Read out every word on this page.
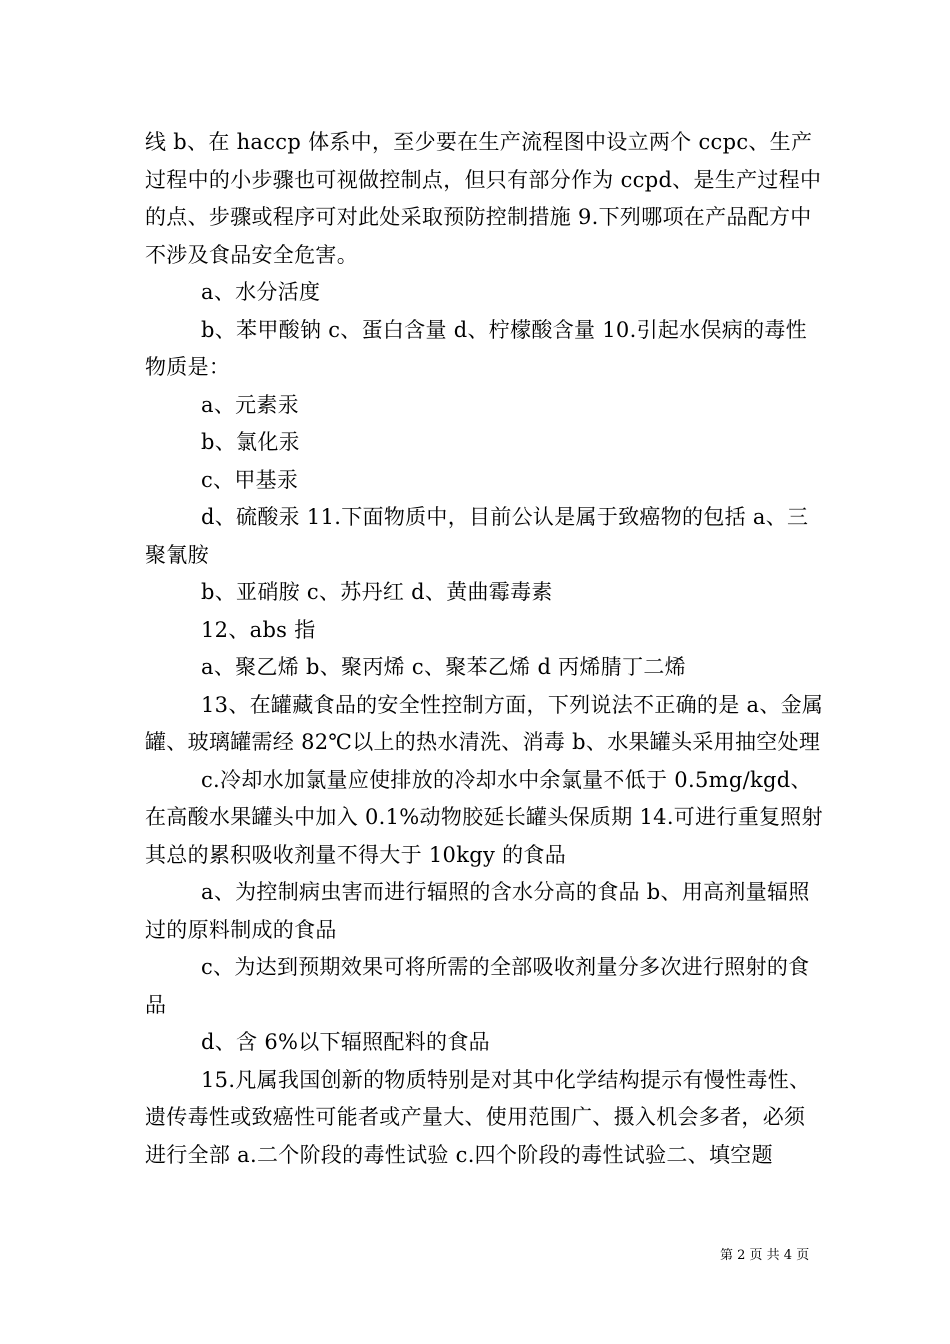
线 b、在 haccp 体系中，至少要在生产流程图中设立两个 ccpc、生产过程中的小步骤也可视做控制点，但只有部分作为 ccpd、是生产过程中的点、步骤或程序可对此处采取预防控制措施 9.下列哪项在产品配方中不涉及食品安全危害。

a、水分活度

b、苯甲酸钠 c、蛋白含量 d、柠檬酸含量 10.引起水俣病的毒性物质是：

a、元素汞

b、氯化汞

c、甲基汞

d、硫酸汞 11.下面物质中，目前公认是属于致癌物的包括 a、三聚氰胺

b、亚硝胺 c、苏丹红 d、黄曲霉毒素

12、abs 指

a、聚乙烯 b、聚丙烯 c、聚苯乙烯 d 丙烯腈丁二烯

13、在罐藏食品的安全性控制方面，下列说法不正确的是 a、金属罐、玻璃罐需经 82℃以上的热水清洗、消毒 b、水果罐头采用抽空处理

c.冷却水加氯量应使排放的冷却水中余氯量不低于 0.5mg/kgd、在高酸水果罐头中加入 0.1%动物胶延长罐头保质期 14.可进行重复照射其总的累积吸收剂量不得大于 10kgy 的食品

a、为控制病虫害而进行辐照的含水分高的食品 b、用高剂量辐照过的原料制成的食品

c、为达到预期效果可将所需的全部吸收剂量分多次进行照射的食品

d、含 6%以下辐照配料的食品

15.凡属我国创新的物质特别是对其中化学结构提示有慢性毒性、遗传毒性或致癌性可能者或产量大、使用范围广、摄入机会多者，必须进行全部 a.二个阶段的毒性试验 c.四个阶段的毒性试验二、填空题

第 2 页 共 4 页
